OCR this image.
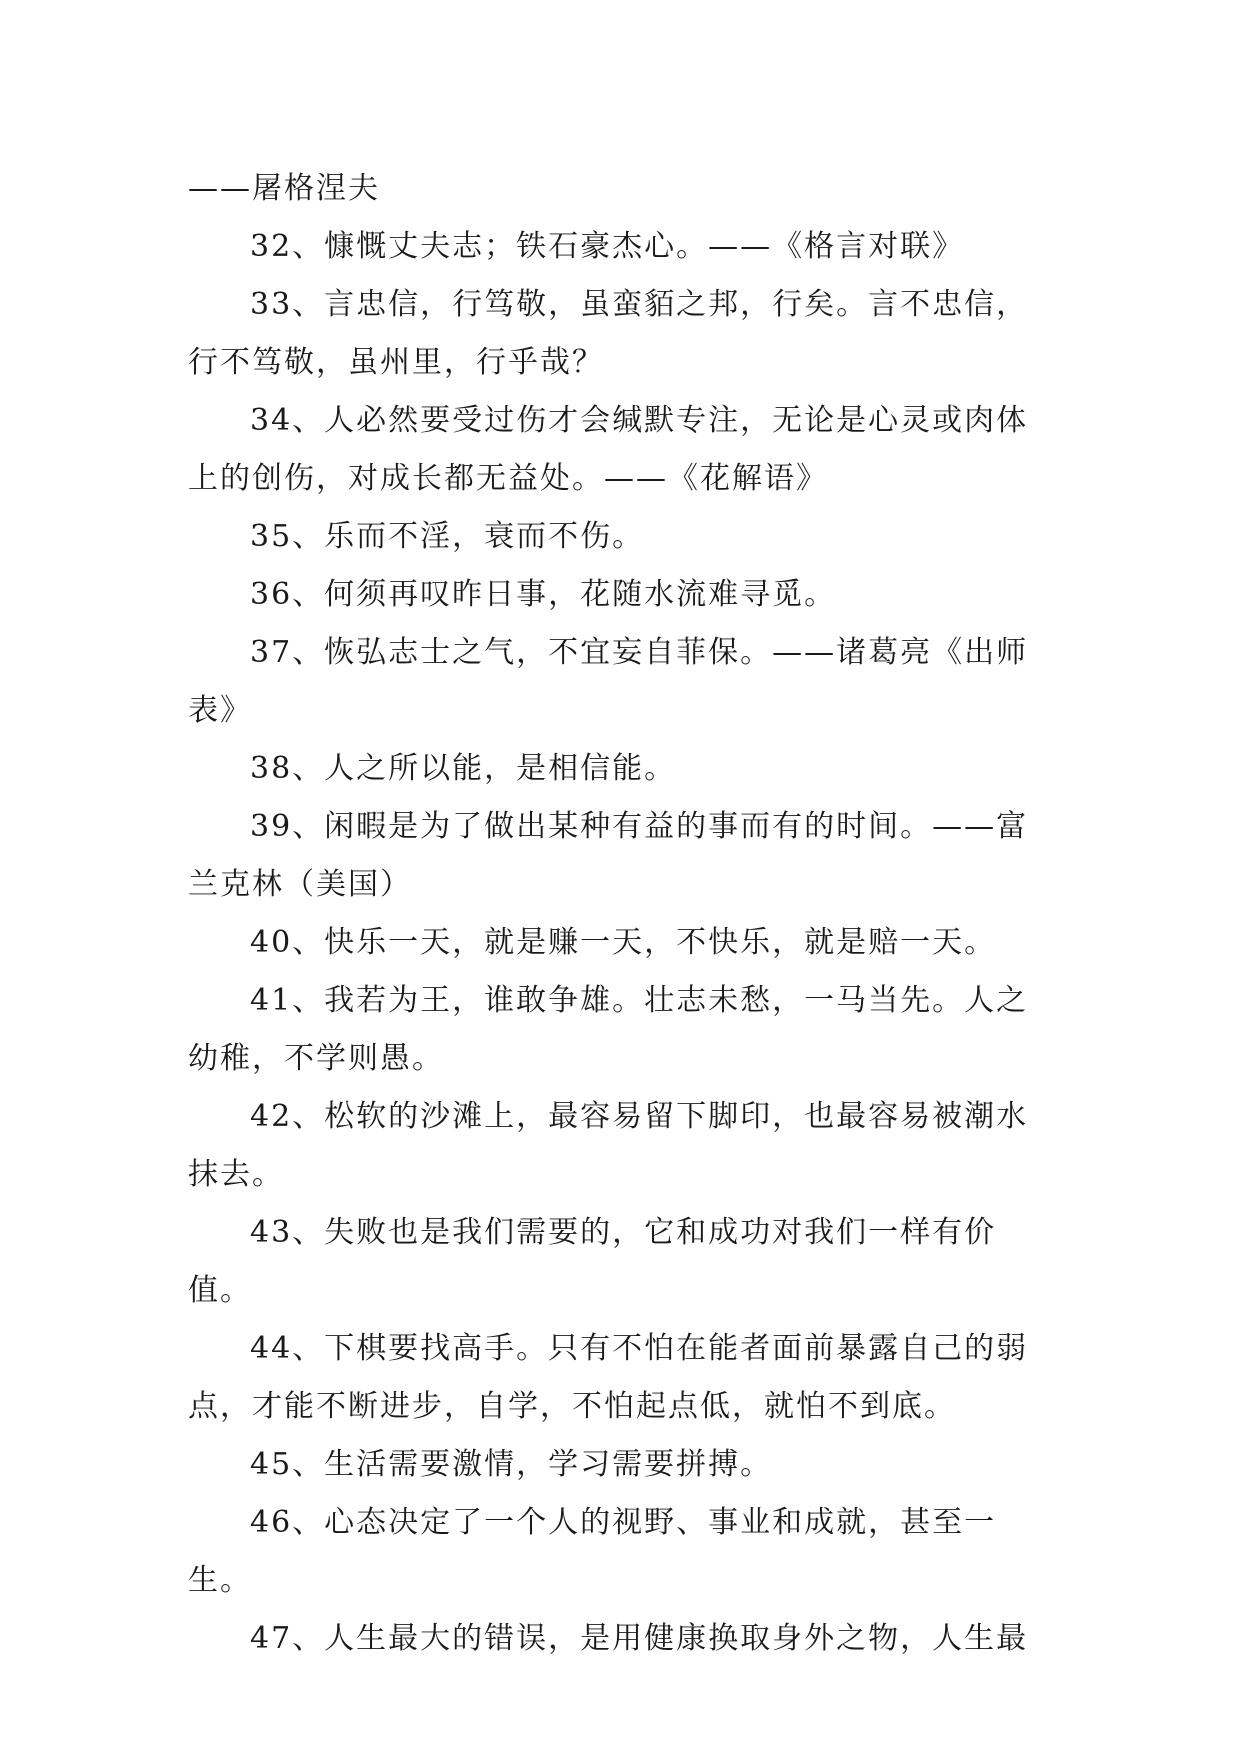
——屠格涅夫

32、慷慨丈夫志；铁石豪杰心。——《格言对联》

33、言忠信，行笃敬，虽蛮貊之邦，行矣。言不忠信，行不笃敬，虽州里，行乎哉？

34、人必然要受过伤才会缄默专注，无论是心灵或肉体上的创伤，对成长都无益处。——《花解语》

35、乐而不淫，衰而不伤。

36、何须再叹昨日事，花随水流难寻觅。

37、恢弘志士之气，不宜妄自菲保。——诸葛亮《出师表》

38、人之所以能，是相信能。

39、闲暇是为了做出某种有益的事而有的时间。——富兰克林（美国）

40、快乐一天，就是赚一天，不快乐，就是赔一天。

41、我若为王，谁敢争雄。壮志未愁，一马当先。人之幼稚，不学则愚。

42、松软的沙滩上，最容易留下脚印，也最容易被潮水抹去。

43、失败也是我们需要的，它和成功对我们一样有价值。

44、下棋要找高手。只有不怕在能者面前暴露自己的弱点，才能不断进步，自学，不怕起点低，就怕不到底。

45、生活需要激情，学习需要拼搏。

46、心态决定了一个人的视野、事业和成就，甚至一生。

47、人生最大的错误，是用健康换取身外之物，人生最
